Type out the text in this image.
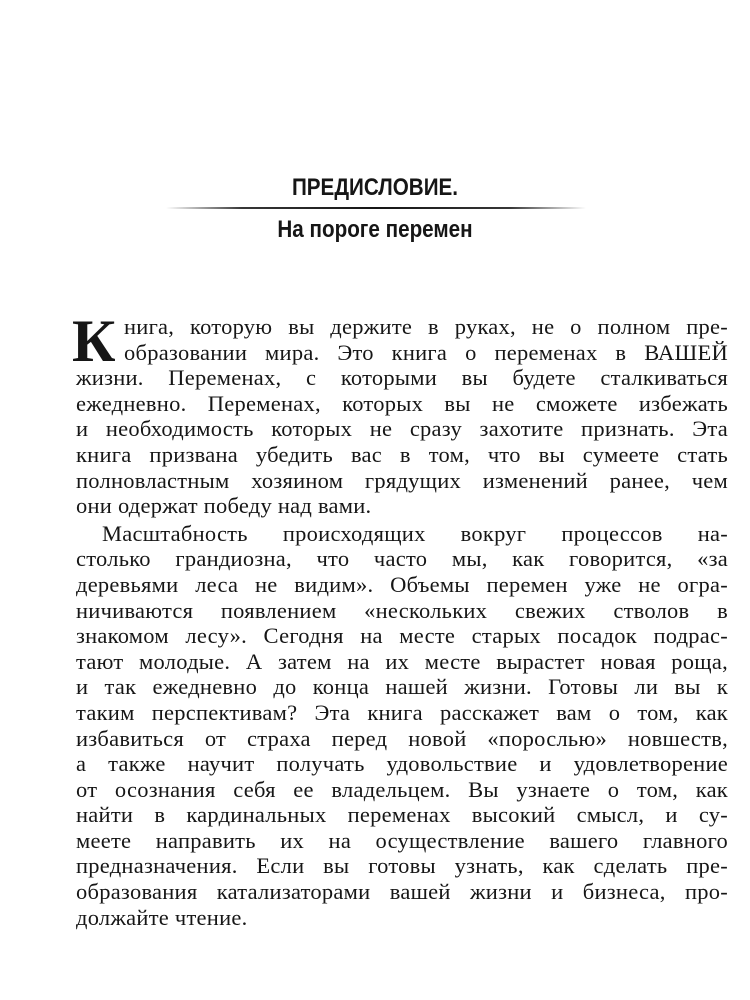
ПРЕДИСЛОВИЕ.
На пороге перемен
К нига, которую вы держите в руках, не о полном пре-
образовании мира. Это книга о переменах в ВАШЕЙ
жизни. Переменах, с которыми вы будете сталкиваться
ежедневно. Переменах, которых вы не сможете избежать
и необходимость которых не сразу захотите признать. Эта
книга призвана убедить вас в том, что вы сумеете стать
полновластным хозяином грядущих изменений ранее, чем
они одержат победу над вами.
Масштабность происходящих вокруг процессов на-
столько грандиозна, что часто мы, как говорится, «за
деревьями леса не видим». Объемы перемен уже не огра-
ничиваются появлением «нескольких свежих стволов в
знакомом лесу». Сегодня на месте старых посадок подрас-
тают молодые. А затем на их месте вырастет новая роща,
и так ежедневно до конца нашей жизни. Готовы ли вы к
таким перспективам? Эта книга расскажет вам о том, как
избавиться от страха перед новой «порослью» новшеств,
а также научит получать удовольствие и удовлетворение
от осознания себя ее владельцем. Вы узнаете о том, как
найти в кардинальных переменах высокий смысл, и су-
меете направить их на осуществление вашего главного
предназначения. Если вы готовы узнать, как сделать пре-
образования катализаторами вашей жизни и бизнеса, про-
должайте чтение.
